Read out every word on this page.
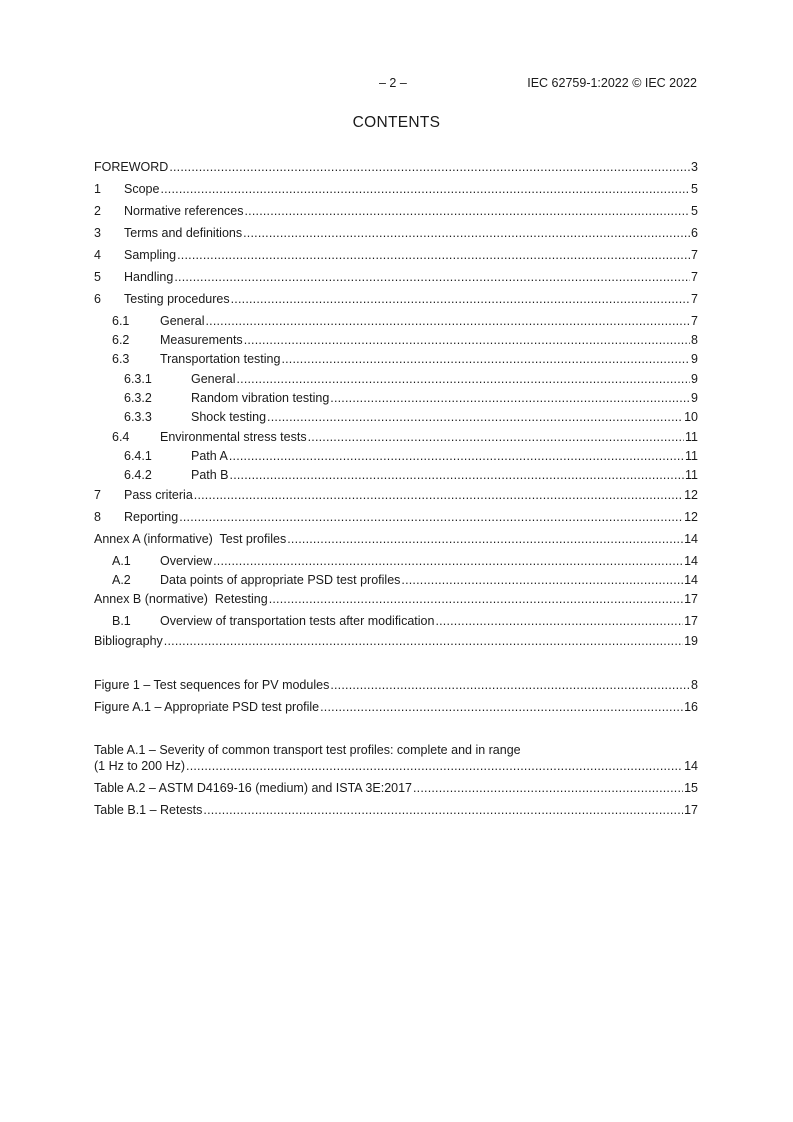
– 2 –	IEC 62759-1:2022 © IEC 2022
CONTENTS
FOREWORD .....	3
1	Scope .....	5
2	Normative references .....	5
3	Terms and definitions .....	6
4	Sampling .....	7
5	Handling .....	7
6	Testing procedures .....	7
6.1	General .....	7
6.2	Measurements .....	8
6.3	Transportation testing .....	9
6.3.1	General .....	9
6.3.2	Random vibration testing .....	9
6.3.3	Shock testing .....	10
6.4	Environmental stress tests .....	11
6.4.1	Path A .....	11
6.4.2	Path B .....	11
7	Pass criteria .....	12
8	Reporting .....	12
Annex A (informative)  Test profiles .....	14
A.1	Overview .....	14
A.2	Data points of appropriate PSD test profiles .....	14
Annex B (normative)  Retesting .....	17
B.1	Overview of transportation tests after modification .....	17
Bibliography .....	19
Figure 1 – Test sequences for PV modules .....	8
Figure A.1 – Appropriate PSD test profile .....	16
Table A.1 – Severity of common transport test profiles: complete and in range
(1 Hz to 200 Hz) .....	14
Table A.2 – ASTM D4169-16 (medium) and ISTA 3E:2017 .....	15
Table B.1 – Retests .....	17
